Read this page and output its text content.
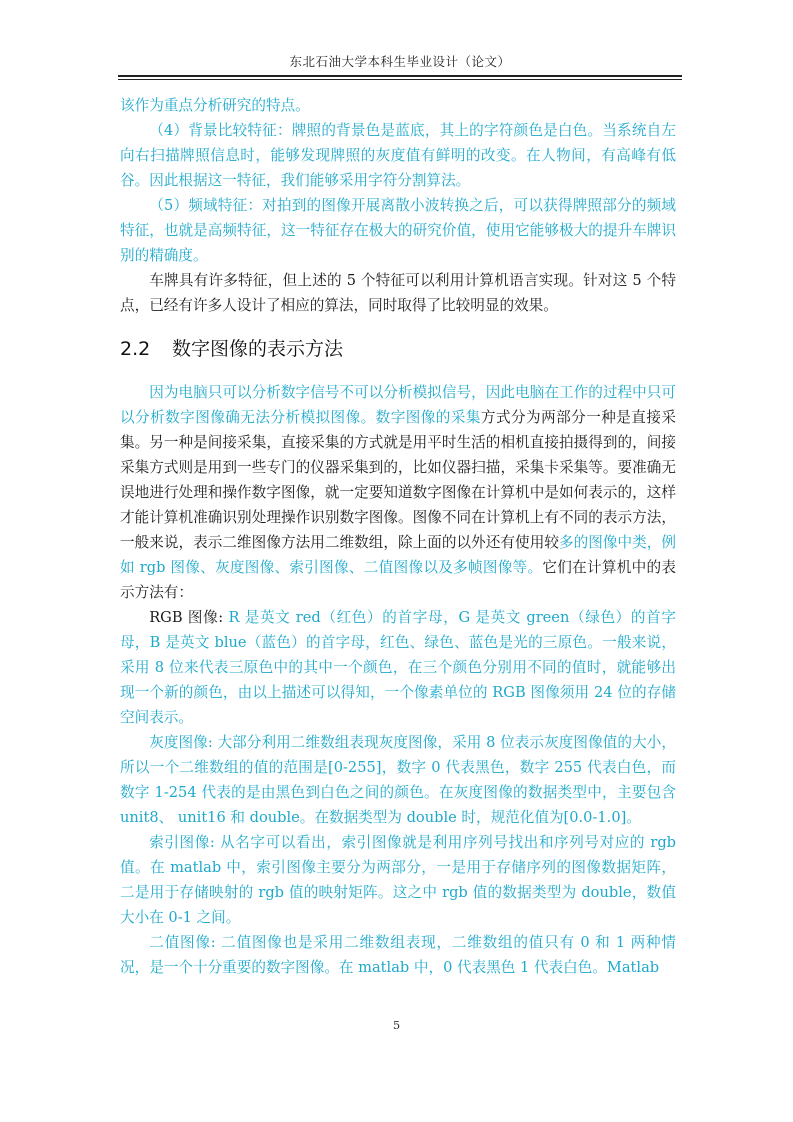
东北石油大学本科生毕业设计（论文）

该作为重点分析研究的特点。

（4）背景比较特征：牌照的背景色是蓝底，其上的字符颜色是白色。当系统自左向右扫描牌照信息时，能够发现牌照的灰度值有鲜明的改变。在人物间，有高峰有低谷。因此根据这一特征，我们能够采用字符分割算法。

（5）频域特征：对拍到的图像开展离散小波转换之后，可以获得牌照部分的频域特征，也就是高频特征，这一特征存在极大的研究价值，使用它能够极大的提升车牌识别的精确度。

车牌具有许多特征，但上述的 5 个特征可以利用计算机语言实现。针对这 5 个特点，已经有许多人设计了相应的算法，同时取得了比较明显的效果。

2.2 数字图像的表示方法

因为电脑只可以分析数字信号不可以分析模拟信号，因此电脑在工作的过程中只可以分析数字图像确无法分析模拟图像。数字图像的采集方式分为两部分一种是直接采集。另一种是间接采集，直接采集的方式就是用平时生活的相机直接拍摄得到的，间接采集方式则是用到一些专门的仪器采集到的，比如仪器扫描，采集卡采集等。要准确无误地进行处理和操作数字图像，就一定要知道数字图像在计算机中是如何表示的，这样才能计算机准确识别处理操作识别数字图像。图像不同在计算机上有不同的表示方法，一般来说，表示二维图像方法用二维数组，除上面的以外还有使用较多的图像中类，例如 rgb 图像、灰度图像、索引图像、二值图像以及多帧图像等。它们在计算机中的表示方法有：

RGB 图像: R 是英文 red（红色）的首字母，G 是英文 green（绿色）的首字母，B 是英文 blue（蓝色）的首字母，红色、绿色、蓝色是光的三原色。一般来说，采用 8 位来代表三原色中的其中一个颜色，在三个颜色分别用不同的值时，就能够出现一个新的颜色，由以上描述可以得知，一个像素单位的 RGB 图像须用 24 位的存储空间表示。

灰度图像: 大部分利用二维数组表现灰度图像，采用 8 位表示灰度图像值的大小，所以一个二维数组的值的范围是[0-255]，数字 0 代表黑色，数字 255 代表白色，而数字 1-254 代表的是由黑色到白色之间的颜色。在灰度图像的数据类型中，主要包含 unit8、 unit16 和 double。在数据类型为 double 时，规范化值为[0.0-1.0]。

索引图像: 从名字可以看出，索引图像就是利用序列号找出和序列号对应的 rgb 值。在 matlab 中，索引图像主要分为两部分，一是用于存储序列的图像数据矩阵，二是用于存储映射的 rgb 值的映射矩阵。这之中 rgb 值的数据类型为 double，数值大小在 0-1 之间。

二值图像: 二值图像也是采用二维数组表现，二维数组的值只有 0 和 1 两种情况，是一个十分重要的数字图像。在 matlab 中，0 代表黑色 1 代表白色。Matlab

5
